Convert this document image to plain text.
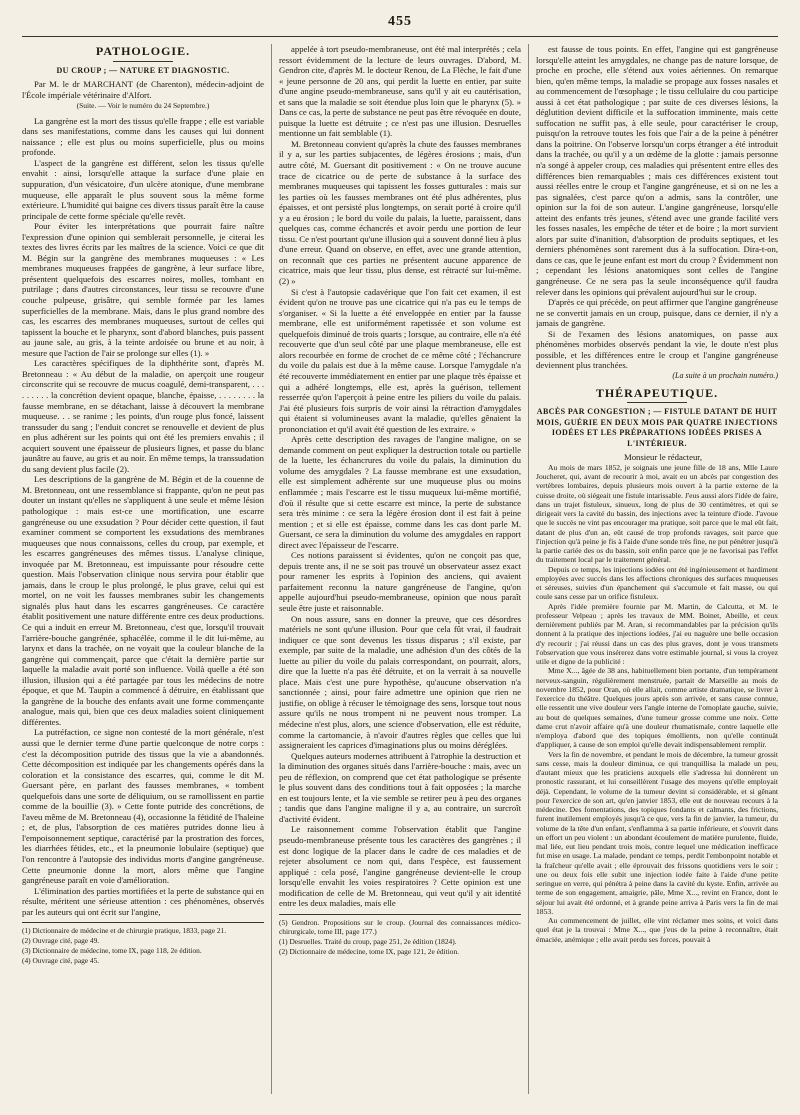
455
PATHOLOGIE.
DU CROUP ; — NATURE ET DIAGNOSTIC.

Par M. le dr MARCHANT (de Charenton), médecin-adjoint de l'École impériale vétérinaire d'Alfort.

(Suite. — Voir le numéro du 24 Septembre.)

La gangrène est la mort des tissus qu'elle frappe ; elle est variable dans ses manifestations, comme dans les causes qui lui donnent naissance ; elle est plus ou moins superficielle, plus ou moins profonde.

L'aspect de la gangrène est différent, selon les tissus qu'elle envahit : ainsi, lorsqu'elle attaque la surface d'une plaie en suppuration, d'un vésicatoire, d'un ulcère atonique, d'une membrane muqueuse, elle apparaît le plus souvent sous la même forme extérieure. L'humidité qui baigne ces divers tissus paraît être la cause principale de cette forme spéciale qu'elle revêt.

Pour éviter les interprétations que pourrait faire naître l'expression d'une opinion qui semblerait personnelle, je citerai les textes des livres écrits par les maîtres de la science. Voici ce que dit M. Bégin sur la gangrène des membranes muqueuses : « Les membranes muqueuses frappées de gangrène, à leur surface libre, présentent quelquefois des escarres noires, molles, tombant en putrilage ; dans d'autres circonstances, leur tissu se recouvre d'une couche pulpeuse, grisâtre, qui semble formée par les lames superficielles de la membrane. Mais, dans le plus grand nombre des cas, les escarres des membranes muqueuses, surtout de celles qui tapissent la bouche et le pharynx, sont d'abord blanches, puis passent au jaune sale, au gris, à la teinte ardoisée ou brune et au noir, à mesure que l'action de l'air se prolonge sur elles (1). »

Les caractères spécifiques de la diphthérite sont, d'après M. Bretonneau : « Au début de la maladie, on aperçoit une rougeur circonscrite qui se recouvre de mucus coagulé, demi-transparent, . . . . . . . . . la concrétion devient opaque, blanche, épaisse, . . . . . . . . la fausse membrane, en se détachant, laisse à découvert la membrane muqueuse. . . se ranime ; les points, d'un rouge plus foncé, laissent transsuder du sang ; l'enduit concret se renouvelle et devient de plus en plus adhérent sur les points qui ont été les premiers envahis ; il acquiert souvent une épaisseur de plusieurs lignes, et passe du blanc jaunâtre au fauve, au gris et au noir. En même temps, la transsudation du sang devient plus facile (2).

Les descriptions de la gangrène de M. Bégin et de la couenne de M. Bretonneau, ont une ressemblance si frappante, qu'on ne peut pas douter un instant qu'elles ne s'appliquent à une seule et même lésion pathologique : mais est-ce une mortification, une escarre gangréneuse ou une exsudation ? Pour décider cette question, il faut examiner comment se comportent les exsudations des membranes muqueuses que nous connaissons, celles du croup, par exemple, et les escarres gangréneuses des mêmes tissus. L'analyse clinique, invoquée par M. Bretonneau, est impuissante pour résoudre cette question. Mais l'observation clinique nous servira pour établir que jamais, dans le croup le plus prolongé, le plus grave, celui qui est mortel, on ne voit les fausses membranes subir les changements signalés plus haut dans les escarres gangréneuses. Ce caractère établit positivement une nature différente entre ces deux productions. Ce qui a induit en erreur M. Bretonneau, c'est que, lorsqu'il trouvait l'arrière-bouche gangrénée, sphacélée, comme il le dit lui-même, au larynx et dans la trachée, on ne voyait que la couleur blanche de la gangrène qui commençait, parce que c'était la dernière partie sur laquelle la maladie avait porté son influence. Voilà quelle a été son illusion, illusion qui a été partagée par tous les médecins de notre époque, et que M. Taupin a commencé à détruire, en établissant que la gangrène de la bouche des enfants avait une forme commençante analogue, mais qui, bien que ces deux maladies soient cliniquement différentes.

La putréfaction, ce signe non contesté de la mort générale, n'est aussi que le dernier terme d'une partie quelconque de notre corps : c'est la décomposition putride des tissus que la vie a abandonnés. Cette décomposition est indiquée par les changements opérés dans la coloration et la consistance des escarres, qui, comme le dit M. Guersant père, en parlant des fausses membranes, « tombent quelquefois dans une sorte de déliquium, ou se ramollissent en partie comme de la bouillie (3). » Cette fonte putride des concrétions, de l'aveu même de M. Bretonneau (4), occasionne la fétidité de l'haleine ; et, de plus, l'absorption de ces matières putrides donne lieu à l'empoisonnement septique, caractérisé par la prostration des forces, les diarrhées fétides, etc., et la pneumonie lobulaire (septique) que l'on rencontre à l'autopsie des individus morts d'angine gangréneuse. Cette pneumonie donne la mort, alors même que l'angine gangréneuse paraît en voie d'amélioration.

L'élimination des parties mortifiées et la perte de substance qui en résulte, méritent une sérieuse attention : ces phénomènes, observés par les auteurs qui ont écrit sur l'angine,

(1) Dictionnaire de médecine et de chirurgie pratique, 1833, page 21.

(2) Ouvrage cité, page 49.

(3) Dictionnaire de médecine, tome IX, page 118, 2e édition.

(4) Ouvrage cité, page 45.

appelée à tort pseudo-membraneuse, ont été mal interprétés ; cela ressort évidemment de la lecture de leurs ouvrages. D'abord, M. Gendron cite, d'après M. le docteur Renou, de La Flèche, le fait d'une « jeune personne de 20 ans, qui perdit la luette en entier, par suite d'une angine pseudo-membraneuse, sans qu'il y ait eu cautérisation, et sans que la maladie se soit étendue plus loin que le pharynx (5). » Dans ce cas, la perte de substance ne peut pas être révoquée en doute, puisque la luette est détruite ; ce n'est pas une illusion. Desruelles mentionne un fait semblable (1).

M. Bretonneau convient qu'après la chute des fausses membranes il y a, sur les parties subjacentes, de légères érosions ; mais, d'un autre côté, M. Guersant dit positivement : « On ne trouve aucune trace de cicatrice ou de perte de substance à la surface des membranes muqueuses qui tapissent les fosses gutturales : mais sur les parties où les fausses membranes ont été plus adhérentes, plus épaisses, et ont persisté plus longtemps, on serait porté à croire qu'il y a eu érosion ; le bord du voile du palais, la luette, paraissent, dans quelques cas, comme échancrés et avoir perdu une portion de leur tissu. Ce n'est pourtant qu'une illusion qui a souvent donné lieu à plus d'une erreur. Quand on observe, en effet, avec une grande attention, on reconnaît que ces parties ne présentent aucune apparence de cicatrice, mais que leur tissu, plus dense, est rétracté sur lui-même. (2) »

Si c'est à l'autopsie cadavérique que l'on fait cet examen, il est évident qu'on ne trouve pas une cicatrice qui n'a pas eu le temps de s'organiser. « Si la luette a été enveloppée en entier par la fausse membrane, elle est uniformément rapetissée et son volume est quelquefois diminué de trois quarts ; lorsque, au contraire, elle n'a été recouverte que d'un seul côté par une plaque membraneuse, elle est alors recourbée en forme de crochet de ce même côté ; l'échancrure du voile du palais est due à la même cause. Lorsque l'amygdale n'a été recouverte immédiatement en entier par une plaque très épaisse et qui a adhéré longtemps, elle est, après la guérison, tellement resserrée qu'on l'aperçoit à peine entre les piliers du voile du palais. J'ai été plusieurs fois surpris de voir ainsi la rétraction d'amygdales qui étaient si volumineuses avant la maladie, qu'elles gênaient la prononciation et qu'il avait été question de les extraire. »

Après cette description des ravages de l'angine maligne, on se demande comment on peut expliquer la destruction totale ou partielle de la luette, les échancrures du voile du palais, la diminution du volume des amygdales ? La fausse membrane est une exsudation, elle est simplement adhérente sur une muqueuse plus ou moins enflammée ; mais l'escarre est le tissu muqueux lui-même mortifié, d'où il résulte que si cette escarre est mince, la perte de substance sera très minime : ce sera la légère érosion dont il est fait à peine mention ; et si elle est épaisse, comme dans les cas dont parle M. Guersant, ce sera la diminution du volume des amygdales en rapport direct avec l'épaisseur de l'escarre.

Ces notions paraissent si évidentes, qu'on ne conçoit pas que, depuis trente ans, il ne se soit pas trouvé un observateur assez exact pour ramener les esprits à l'opinion des anciens, qui avaient parfaitement reconnu la nature gangréneuse de l'angine, qu'on appelle aujourd'hui pseudo-membraneuse, opinion que nous paraît seule être juste et raisonnable.

On nous assure, sans en donner la preuve, que ces désordres matériels ne sont qu'une illusion. Pour que cela fût vrai, il faudrait indiquer ce que sont devenus les tissus disparus ; s'il existe, par exemple, par suite de la maladie, une adhésion d'un des côtés de la luette au pilier du voile du palais correspondant, on pourrait, alors, dire que la luette n'a pas été détruite, et on la verrait à sa nouvelle place. Mais c'est une pure hypothèse, qu'aucune observation n'a sanctionnée ; ainsi, pour faire admettre une opinion que rien ne justifie, on oblige à récuser le témoignage des sens, lorsque tout nous assure qu'ils ne nous trompent ni ne peuvent nous tromper. La médecine n'est plus, alors, une science d'observation, elle est réduite, comme la cartomancie, à n'avoir d'autres règles que celles que lui assigneraient les caprices d'imaginations plus ou moins déréglées.

Quelques auteurs modernes attribuent à l'atrophie la destruction et la diminution des organes situés dans l'arrière-bouche : mais, avec un peu de réflexion, on comprend que cet état pathologique se présente le plus souvent dans des conditions tout à fait opposées ; la marche en est toujours lente, et la vie semble se retirer peu à peu des organes ; tandis que dans l'angine maligne il y a, au contraire, un surcroît d'activité évident.

Le raisonnement comme l'observation établit que l'angine pseudo-membraneuse présente tous les caractères des gangrènes ; il est donc logique de la placer dans le cadre de ces maladies et de rejeter absolument ce nom qui, dans l'espèce, est faussement appliqué : cela posé, l'angine gangréneuse devient-elle le croup lorsqu'elle envahit les voies respiratoires ? Cette opinion est une modification de celle de M. Bretonneau, qui veut qu'il y ait identité entre les deux maladies, mais elle

(5) Gendron. Propositions sur le croup. (Journal des connaissances médico-chirurgicale, tome III, page 177.)

(1) Desruelles. Traité du croup, page 251, 2e édition (1824).

(2) Dictionnaire de médecine, tome IX, page 121, 2e édition.

est fausse de tous points. En effet, l'angine qui est gangréneuse lorsqu'elle atteint les amygdales, ne change pas de nature lorsque, de proche en proche, elle s'étend aux voies aériennes. On remarque bien, qu'en même temps, la maladie se propage aux fosses nasales et au commencement de l'œsophage ; le tissu cellulaire du cou participe aussi à cet état pathologique ; par suite de ces diverses lésions, la déglutition devient difficile et la suffocation imminente, mais cette suffocation ne suffit pas, à elle seule, pour caractériser le croup, puisqu'on la retrouve toutes les fois que l'air a de la peine à pénétrer dans la poitrine. On l'observe lorsqu'un corps étranger a été introduit dans la trachée, ou qu'il y a un œdème de la glotte : jamais personne n'a songé à appeler croup, ces maladies qui présentent entre elles des différences bien remarquables ; mais ces différences existent tout aussi réelles entre le croup et l'angine gangréneuse, et si on ne les a pas signalées, c'est parce qu'on a admis, sans la contrôler, une opinion sur la foi de son auteur. L'angine gangréneuse, lorsqu'elle atteint des enfants très jeunes, s'étend avec une grande facilité vers les fosses nasales, les empêche de téter et de boire ; la mort survient alors par suite d'inanition, d'absorption de produits septiques, et les derniers phénomènes sont rarement dus à la suffocation. Dira-t-on, dans ce cas, que le jeune enfant est mort du croup ? Évidemment non ; cependant les lésions anatomiques sont celles de l'angine gangréneuse. Ce ne sera pas la seule inconséquence qu'il faudra relever dans les opinions qui prévalent aujourd'hui sur le croup.

D'après ce qui précède, on peut affirmer que l'angine gangréneuse ne se convertit jamais en un croup, puisque, dans ce dernier, il n'y a jamais de gangrène.

Si de l'examen des lésions anatomiques, on passe aux phénomènes morbides observés pendant la vie, le doute n'est plus possible, et les différences entre le croup et l'angine gangréneuse deviennent plus tranchées.

(La suite à un prochain numéro.)
THÉRAPEUTIQUE.
ABCÈS PAR CONGESTION ; — FISTULE DATANT DE HUIT MOIS, GUÉRIE EN DEUX MOIS PAR QUATRE INJECTIONS IODÉES ET LES PRÉPARATIONS IODÉES PRISES A L'INTÉRIEUR.

Monsieur le rédacteur,

Au mois de mars 1852, je soignais une jeune fille de 18 ans, Mlle Laure Joucheret, qui, avant de recourir à moi, avait eu un abcès par congestion des vertèbres lombaires, depuis plusieurs mois ouvert à la partie externe de la cuisse droite, où siégeait une fistule intarissable. J'eus aussi alors l'idée de faire, dans un trajet fistuleux, sinueux, long de plus de 30 centimètres, et qui se dirigeait vers la cavité du bassin, des injections avec la teinture d'iode. J'avoue que le succès ne vint pas encourager ma pratique, soit parce que le mal eût fait, datant de plus d'un an, eût causé de trop profonds ravages, soit parce que l'injection qu'à peine je fis à l'aide d'une sonde très fine, ne put pénétrer jusqu'à la partie cariée des os du bassin, soit enfin parce que je ne favorisai pas l'effet du traitement local par le traitement général.

Depuis ce temps, les injections iodées ont été ingénieusement et hardiment employées avec succès dans les affections chroniques des surfaces muqueuses et séreuses, suivies d'un épanchement qui s'accumule et fait masse, ou qui coule sans cesse par un orifice fistuleux.

Après l'idée première fournie par M. Martin, de Calcutta, et M. le professeur Velpeau ; après les travaux de MM. Boinet, Abeille, et ceux dernièrement publiés par M. Aran, si recommandables par la précision qu'ils donnent à la pratique des injections iodées, j'ai eu naguère une belle occasion d'y recourir ; j'ai réussi dans un cas des plus graves, dont je vous transmets l'observation que vous insérerez dans votre estimable journal, si vous la croyez utile et digne de la publicité :

Mme X..., âgée de 38 ans, habituellement bien portante, d'un tempérament nerveux-sanguin, régulièrement menstruée, partait de Marseille au mois de novembre 1852, pour Oran, où elle allait, comme artiste dramatique, se livrer à l'exercice du théâtre. Quelques jours après son arrivée, et sans cause connue, elle ressentit une vive douleur vers l'angle interne de l'omoplate gauche, suivie, au bout de quelques semaines, d'une tumeur grosse comme une noix. Cette dame crut n'avoir affaire qu'à une douleur rhumatismale, contre laquelle elle n'employa d'abord que des topiques émollients, non qu'elle continuât d'appliquer, à cause de son emploi qu'elle devait indispensablement remplir.

Vers la fin de novembre, et pendant le mois de décembre, la tumeur grossit sans cesse, mais la douleur diminua, ce qui tranquillisa la malade un peu, d'autant mieux que les praticiens auxquels elle s'adressa lui donnèrent un pronostic rassurant, et lui conseillèrent l'usage des moyens qu'elle employait déjà. Cependant, le volume de la tumeur devint si considérable, et si gênant pour l'exercice de son art, qu'en janvier 1853, elle eut de nouveau recours à la médecine. Des fomentations, des topiques fondants et calmants, des frictions, furent inutilement employés jusqu'à ce que, vers la fin de janvier, la tumeur, du volume de la tête d'un enfant, s'enflamma à sa partie inférieure, et s'ouvrit dans un effort un peu violent : un abondant écoulement de matière purulente, fluide, mal liée, eut lieu pendant trois mois, contre lequel une médication inefficace fut mise en usage. La malade, pendant ce temps, perdit l'embonpoint notable et la fraîcheur qu'elle avait ; elle éprouvait des frissons quotidiens vers le soir ; une ou deux fois elle subit une injection iodée faite à l'aide d'une petite seringue en verre, qui pénétra à peine dans la cavité du kyste. Enfin, arrivée au terme de son engagement, amaigrie, pâle, Mme X..., revint en France, dont le séjour lui avait été ordonné, et à grande peine arriva à Paris vers la fin de mai 1853.

Au commencement de juillet, elle vint réclamer mes soins, et voici dans quel état je la trouvai : Mme X..., que j'eus de la peine à reconnaître, était émaciée, anémique ; elle avait perdu ses forces, pouvait à
